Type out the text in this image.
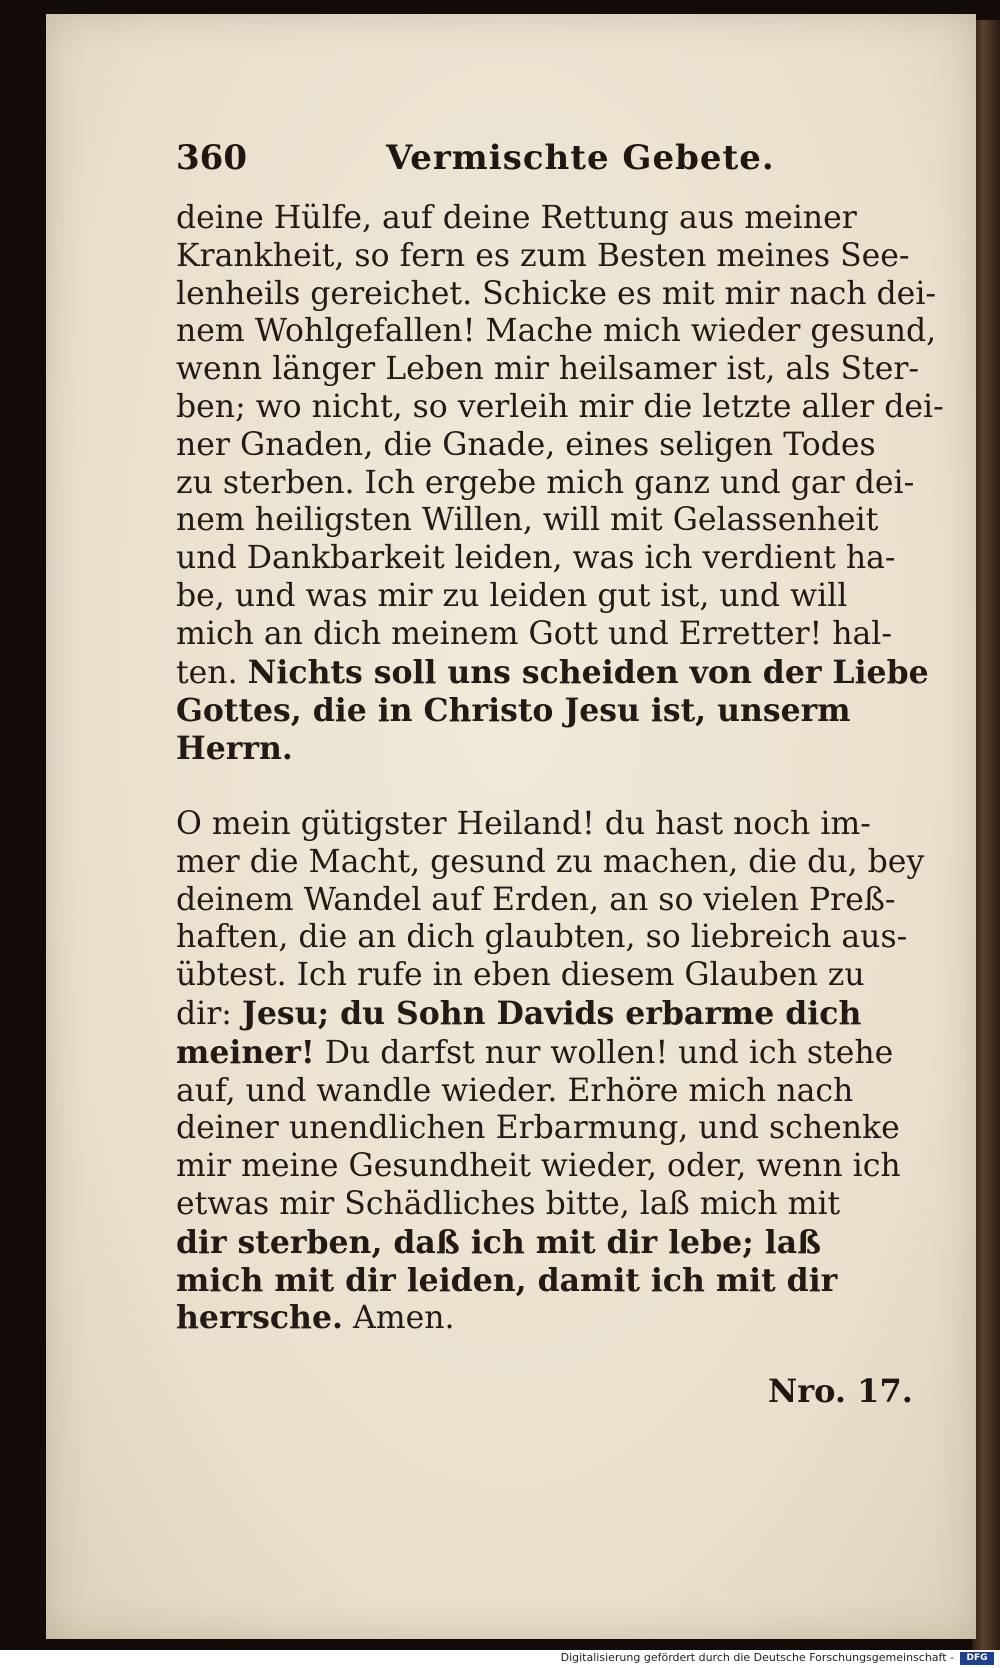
360	Vermischte Gebete.

deine Hülfe, auf deine Rettung aus meiner
Krankheit, so fern es zum Besten meines See-
lenheils gereichet. Schicke es mit mir nach dei-
nem Wohlgefallen! Mache mich wieder gesund,
wenn länger Leben mir heilsamer ist, als Ster-
ben; wo nicht, so verleih mir die letzte aller dei-
ner Gnaden, die Gnade, eines seligen Todes
zu sterben. Ich ergebe mich ganz und gar dei-
nem heiligsten Willen, will mit Gelassenheit
und Dankbarkeit leiden, was ich verdient ha-
be, und was mir zu leiden gut ist, und will
mich an dich meinem Gott und Erretter! hal-
ten. Nichts soll uns scheiden von der Liebe
Gottes, die in Christo Jesu ist, unserm
Herrn.

O mein gütigster Heiland! du hast noch im-
mer die Macht, gesund zu machen, die du, bey
deinem Wandel auf Erden, an so vielen Preß-
haften, die an dich glaubten, so liebreich aus-
übtest. Ich rufe in eben diesem Glauben zu
dir: Jesu; du Sohn Davids erbarme dich
meiner! Du darfst nur wollen! und ich stehe
auf, und wandle wieder. Erhöre mich nach
deiner unendlichen Erbarmung, und schenke
mir meine Gesundheit wieder, oder, wenn ich
etwas mir Schädliches bitte, laß mich mit
dir sterben, daß ich mit dir lebe; laß
mich mit dir leiden, damit ich mit dir
herrsche. Amen.

Nro. 17.
Digitalisierung gefördert durch die Deutsche Forschungsgemeinschaft -	DFG
